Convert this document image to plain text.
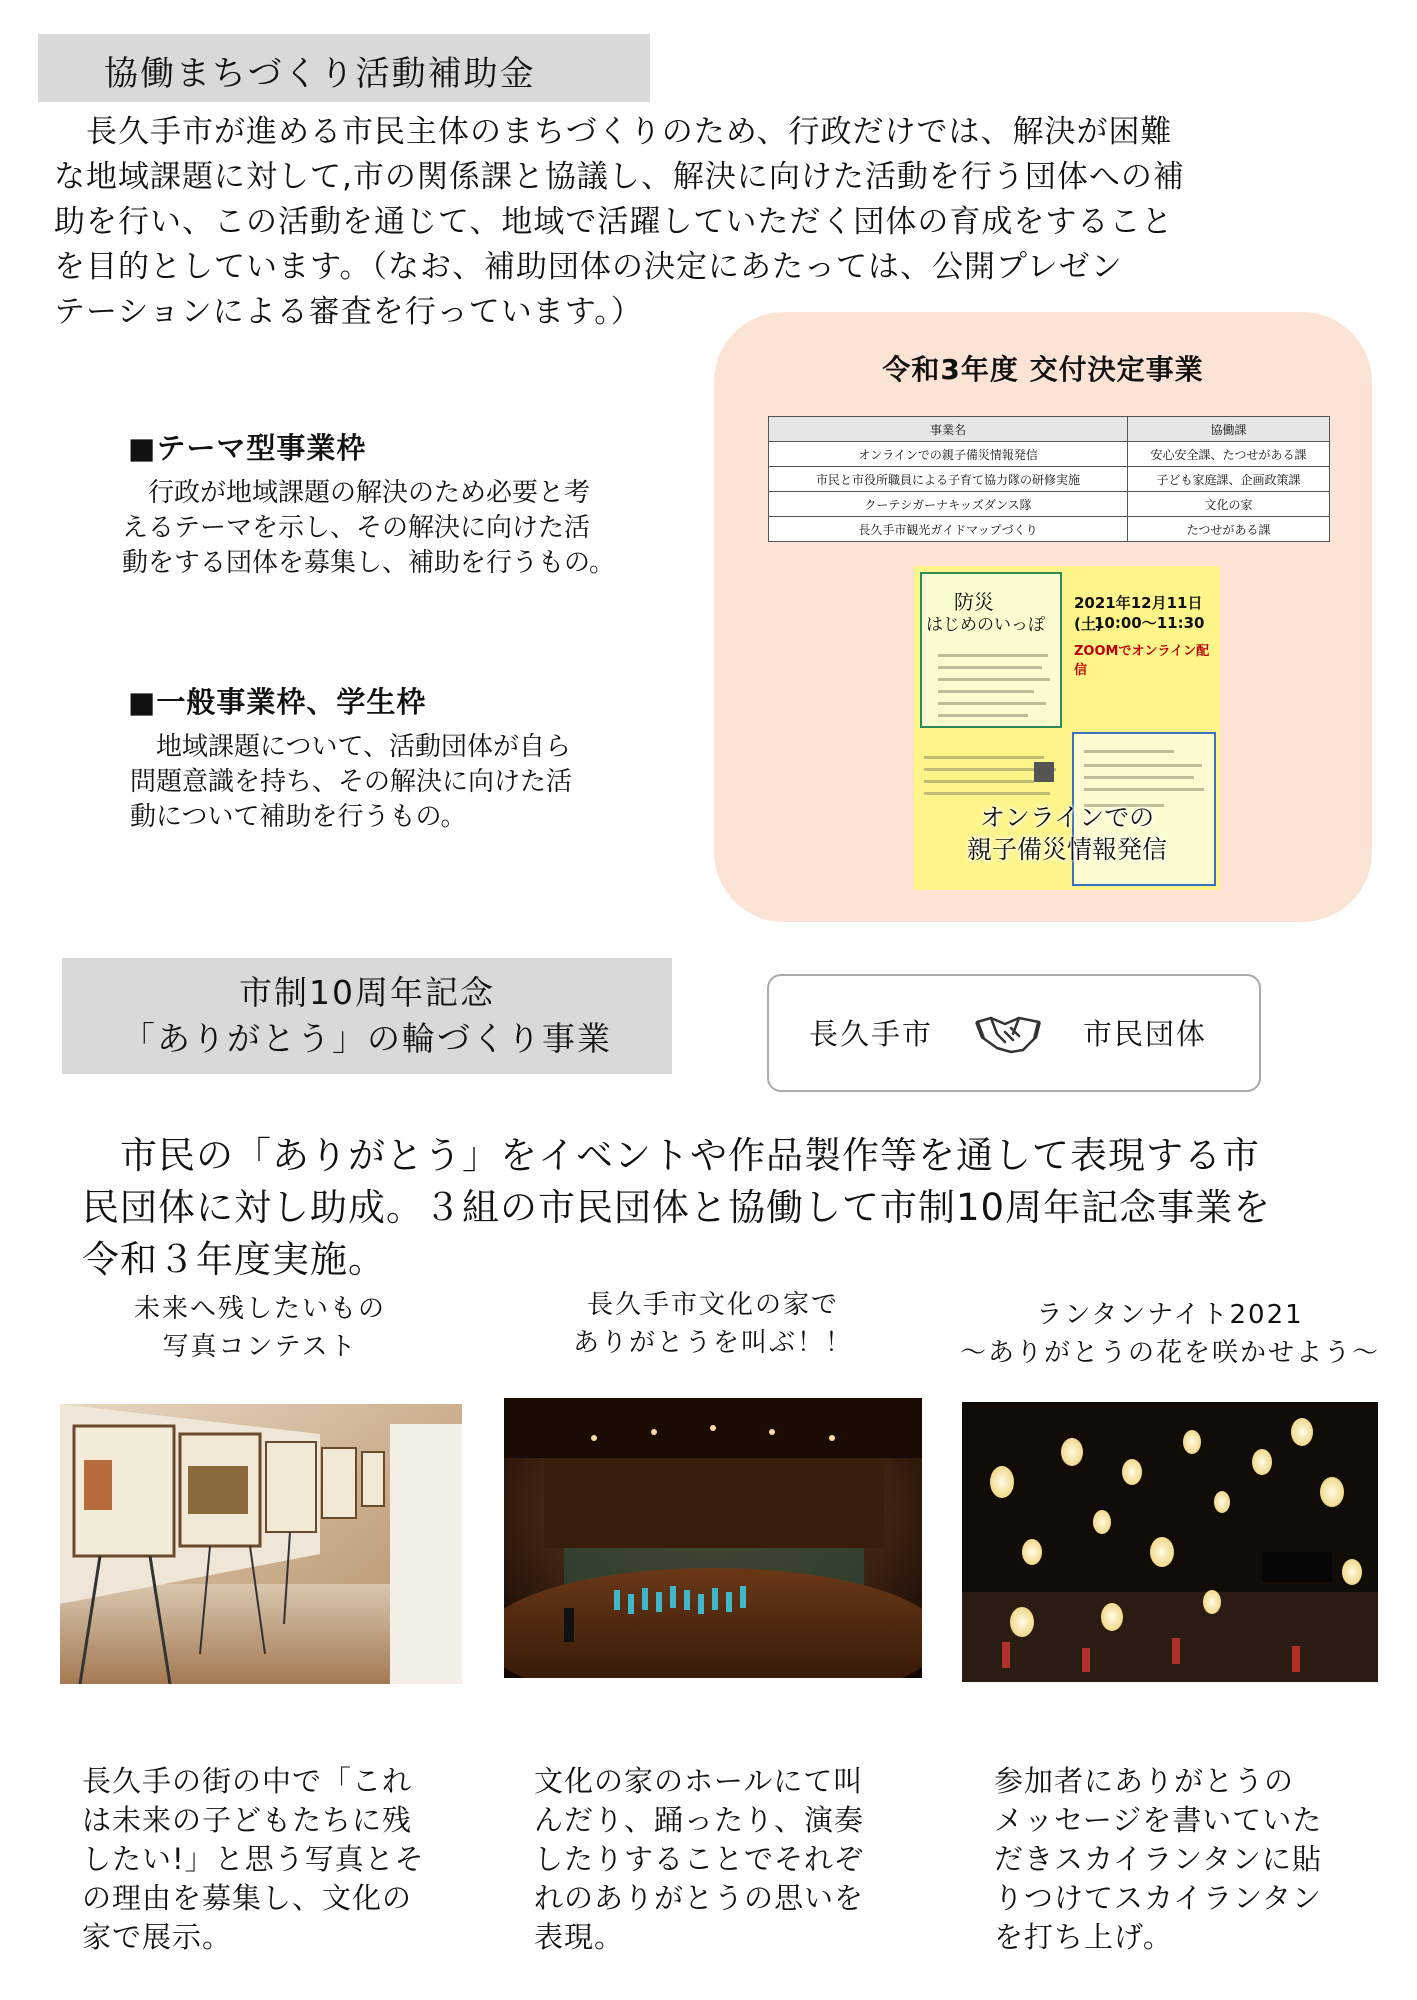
協働まちづくり活動補助金

　長久手市が進める市民主体のまちづくりのため、行政だけでは、解決が困難

な地域課題に対して,市の関係課と協議し、解決に向けた活動を行う団体への補

助を行い、この活動を通じて、地域で活躍していただく団体の育成をすること

を目的としています。（なお、補助団体の決定にあたっては、公開プレゼン

テーションによる審査を行っています。）

■テーマ型事業枠

　行政が地域課題の解決のため必要と考

えるテーマを示し、その解決に向けた活

動をする団体を募集し、補助を行うもの。

■一般事業枠、学生枠

　地域課題について、活動団体が自ら

問題意識を持ち、その解決に向けた活

動について補助を行うもの。

令和3年度 交付決定事業
事業名	協働課
オンラインでの親子備災情報発信	安心安全課、たつせがある課
市民と市役所職員による子育て協力隊の研修実施	子ども家庭課、企画政策課
クーテシガーナキッズダンス隊	文化の家
長久手市観光ガイドマップづくり	たつせがある課
防災
はじめのいっぽ
2021年12月11日(土)
10:00～11:30
ZOOMでオンライン配信
オンラインでの
親子備災情報発信
市制10周年記念
「ありがとう」の輪づくり事業	長久手市	市民団体

　市民の「ありがとう」をイベントや作品製作等を通して表現する市

民団体に対し助成。３組の市民団体と協働して市制10周年記念事業を

令和３年度実施。

未来へ残したいもの

写真コンテスト

長久手の街の中で「これ

は未来の子どもたちに残

したい!」と思う写真とそ

の理由を募集し、文化の

家で展示。

長久手市文化の家で

ありがとうを叫ぶ！！

文化の家のホールにて叫

んだり、踊ったり、演奏

したりすることでそれぞ

れのありがとうの思いを

表現。

ランタンナイト2021

～ありがとうの花を咲かせよう～

参加者にありがとうの

メッセージを書いていた

だきスカイランタンに貼

りつけてスカイランタン

を打ち上げ。
